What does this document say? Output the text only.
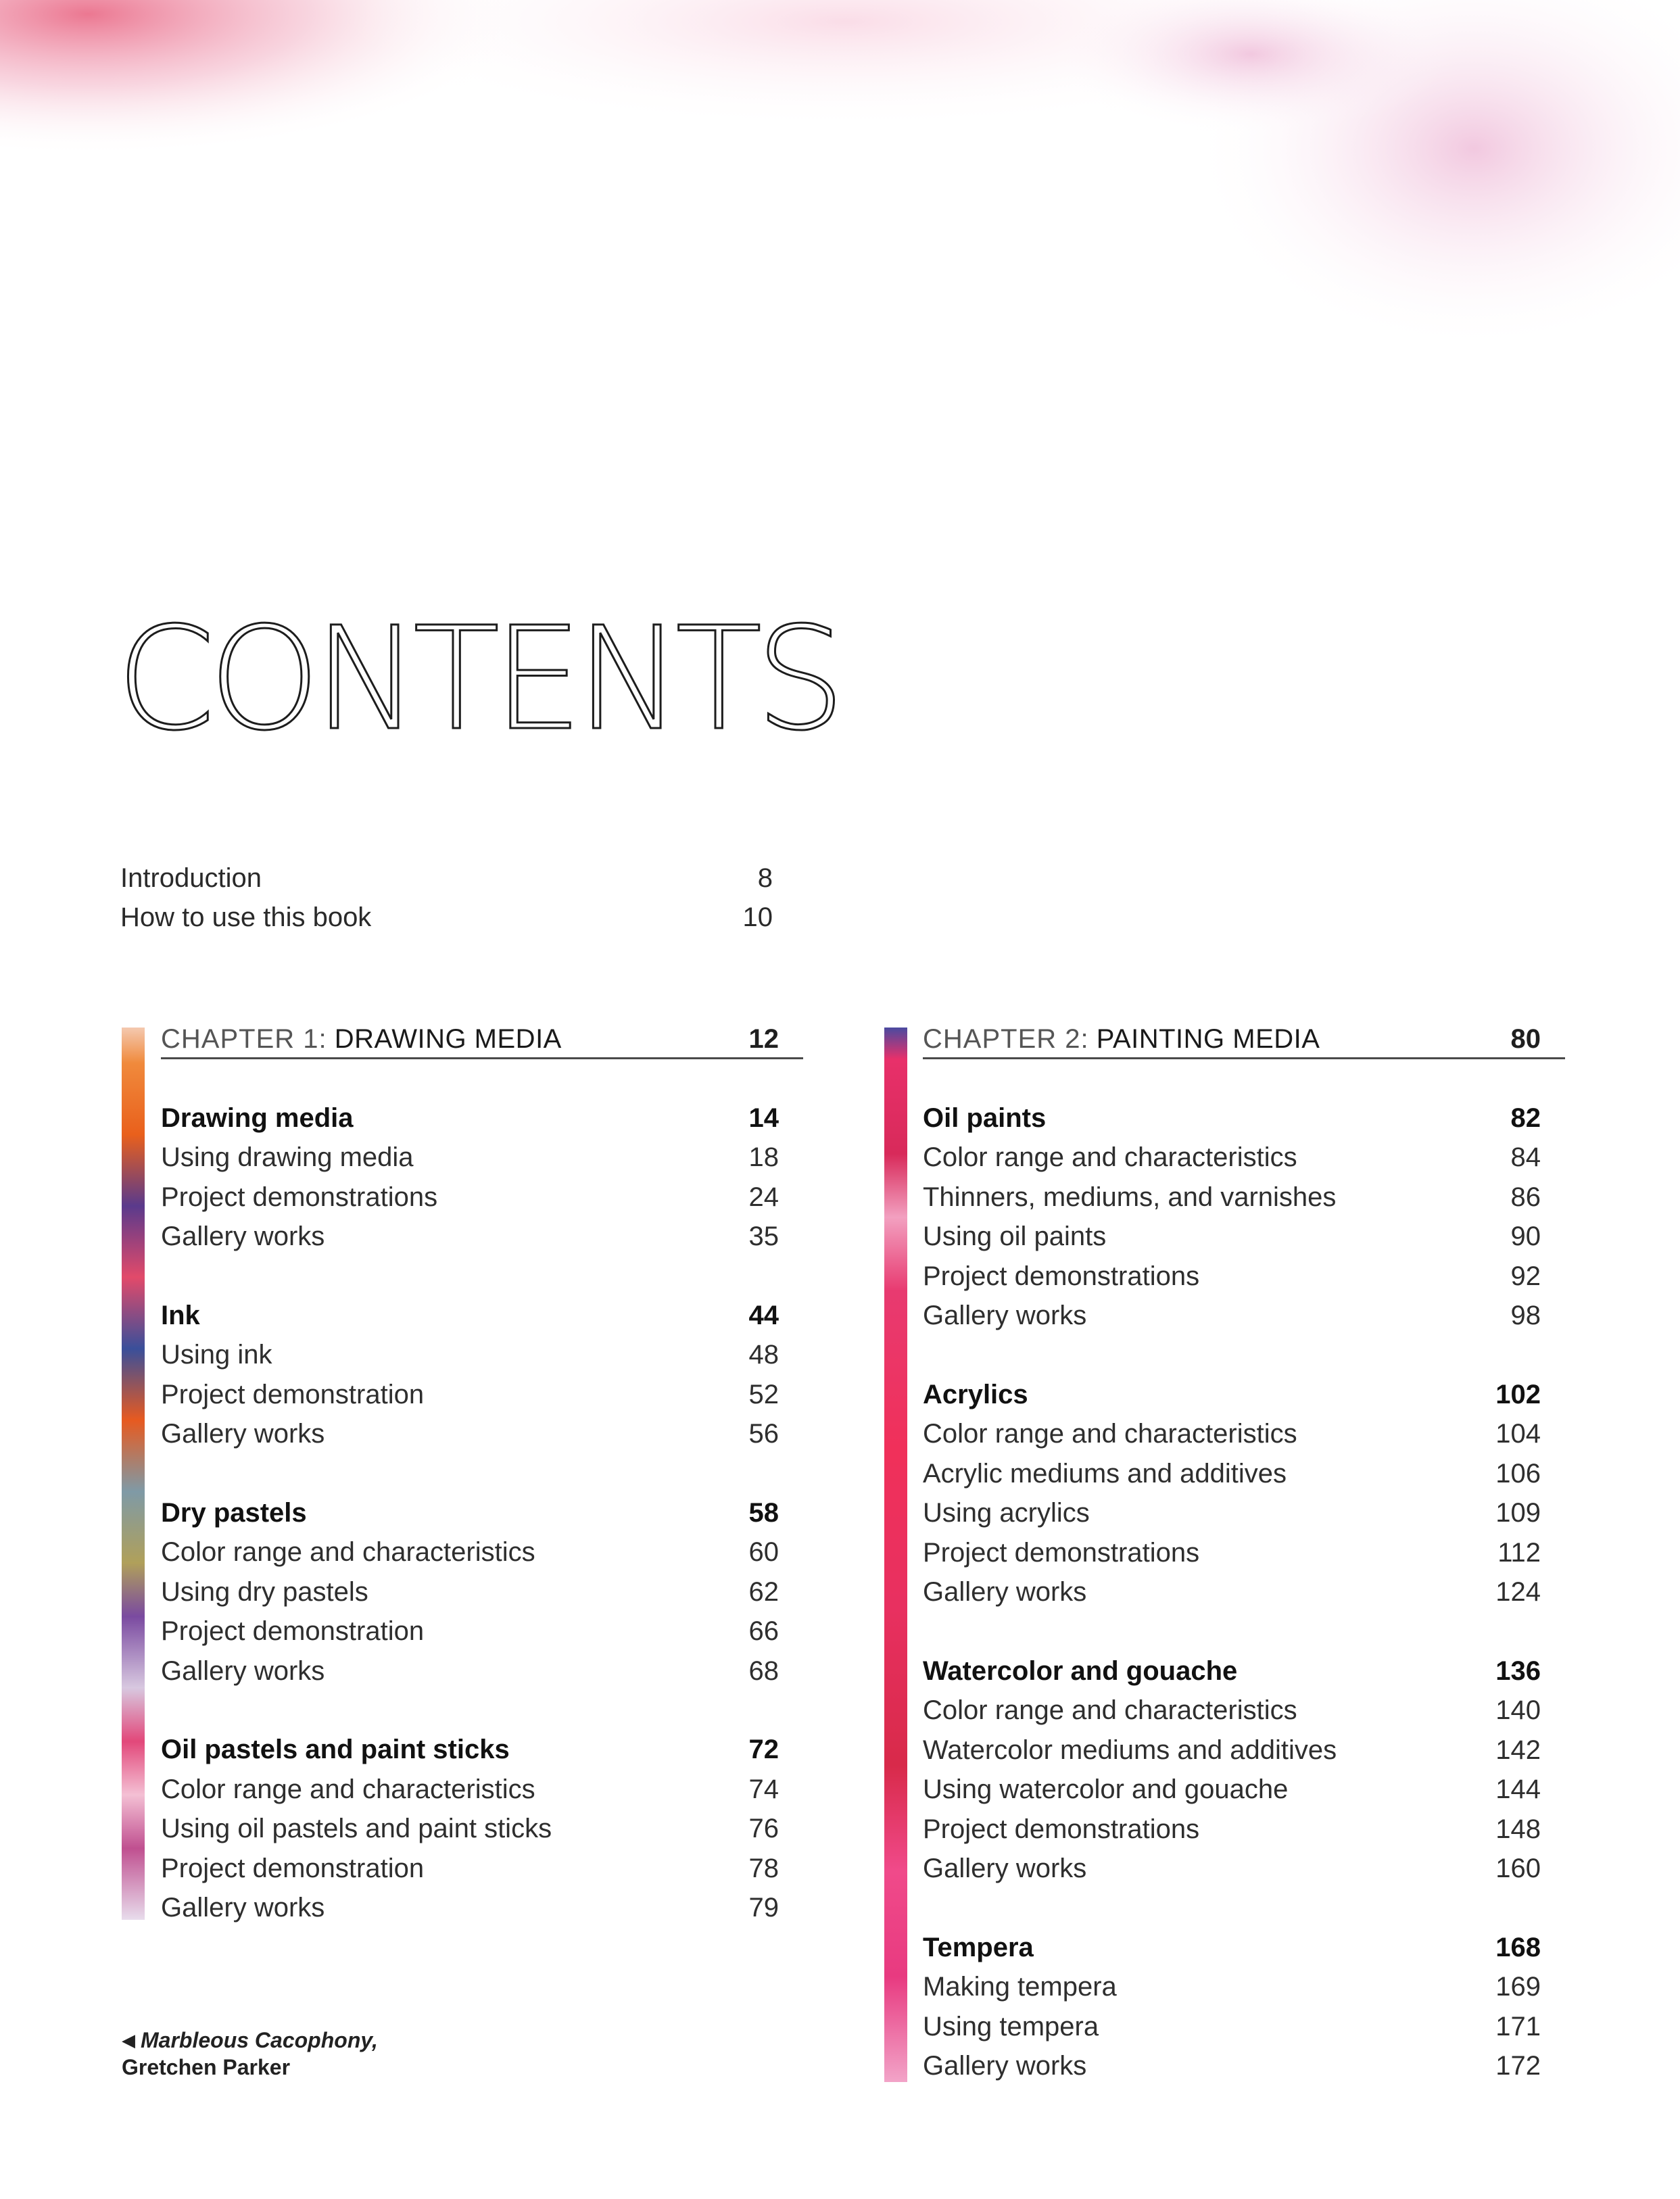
CONTENTS
Introduction	8
How to use this book	10
CHAPTER 1: DRAWING MEDIA	12
Drawing media	14
Using drawing media	18
Project demonstrations	24
Gallery works	35
Ink	44
Using ink	48
Project demonstration	52
Gallery works	56
Dry pastels	58
Color range and characteristics	60
Using dry pastels	62
Project demonstration	66
Gallery works	68
Oil pastels and paint sticks	72
Color range and characteristics	74
Using oil pastels and paint sticks	76
Project demonstration	78
Gallery works	79
CHAPTER 2: PAINTING MEDIA	80
Oil paints	82
Color range and characteristics	84
Thinners, mediums, and varnishes	86
Using oil paints	90
Project demonstrations	92
Gallery works	98
Acrylics	102
Color range and characteristics	104
Acrylic mediums and additives	106
Using acrylics	109
Project demonstrations	112
Gallery works	124
Watercolor and gouache	136
Color range and characteristics	140
Watercolor mediums and additives	142
Using watercolor and gouache	144
Project demonstrations	148
Gallery works	160
Tempera	168
Making tempera	169
Using tempera	171
Gallery works	172
◀ Marbleous Cacophony,
Gretchen Parker
